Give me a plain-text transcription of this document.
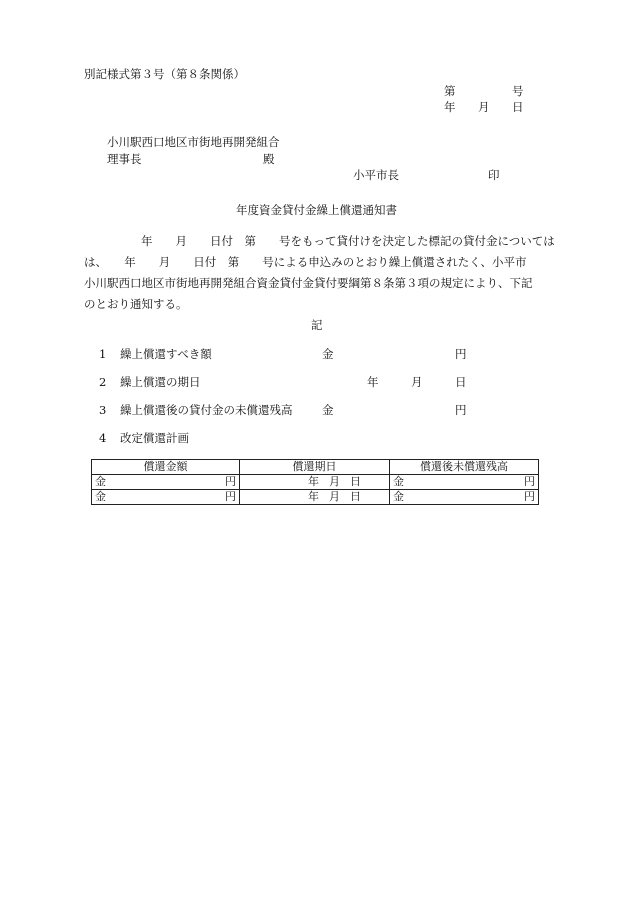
別記様式第３号（第８条関係）
第	号
年 月 日
小川駅西口地区市街地再開発組合
理事長	殿
小平市長	印
年度資金貸付金繰上償還通知書
　　年　　月　　日付　第　　号をもって貸付けを決定した標記の貸付金については
は、　　年　　月　　日付　第　　号による申込みのとおり繰上償還されたく、小平市
小川駅西口地区市街地再開発組合資金貸付金貸付要綱第８条第３項の規定により、下記
のとおり通知する。
記
1 繰上償還すべき額	金	円
2 繰上償還の期日	年	月	日
3 繰上償還後の貸付金の未償還残高	金	円
4 改定償還計画
償還金額	償還期日	償還後未償還残高

金 円	年 月 日	金 円

金 円	年 月 日	金 円
